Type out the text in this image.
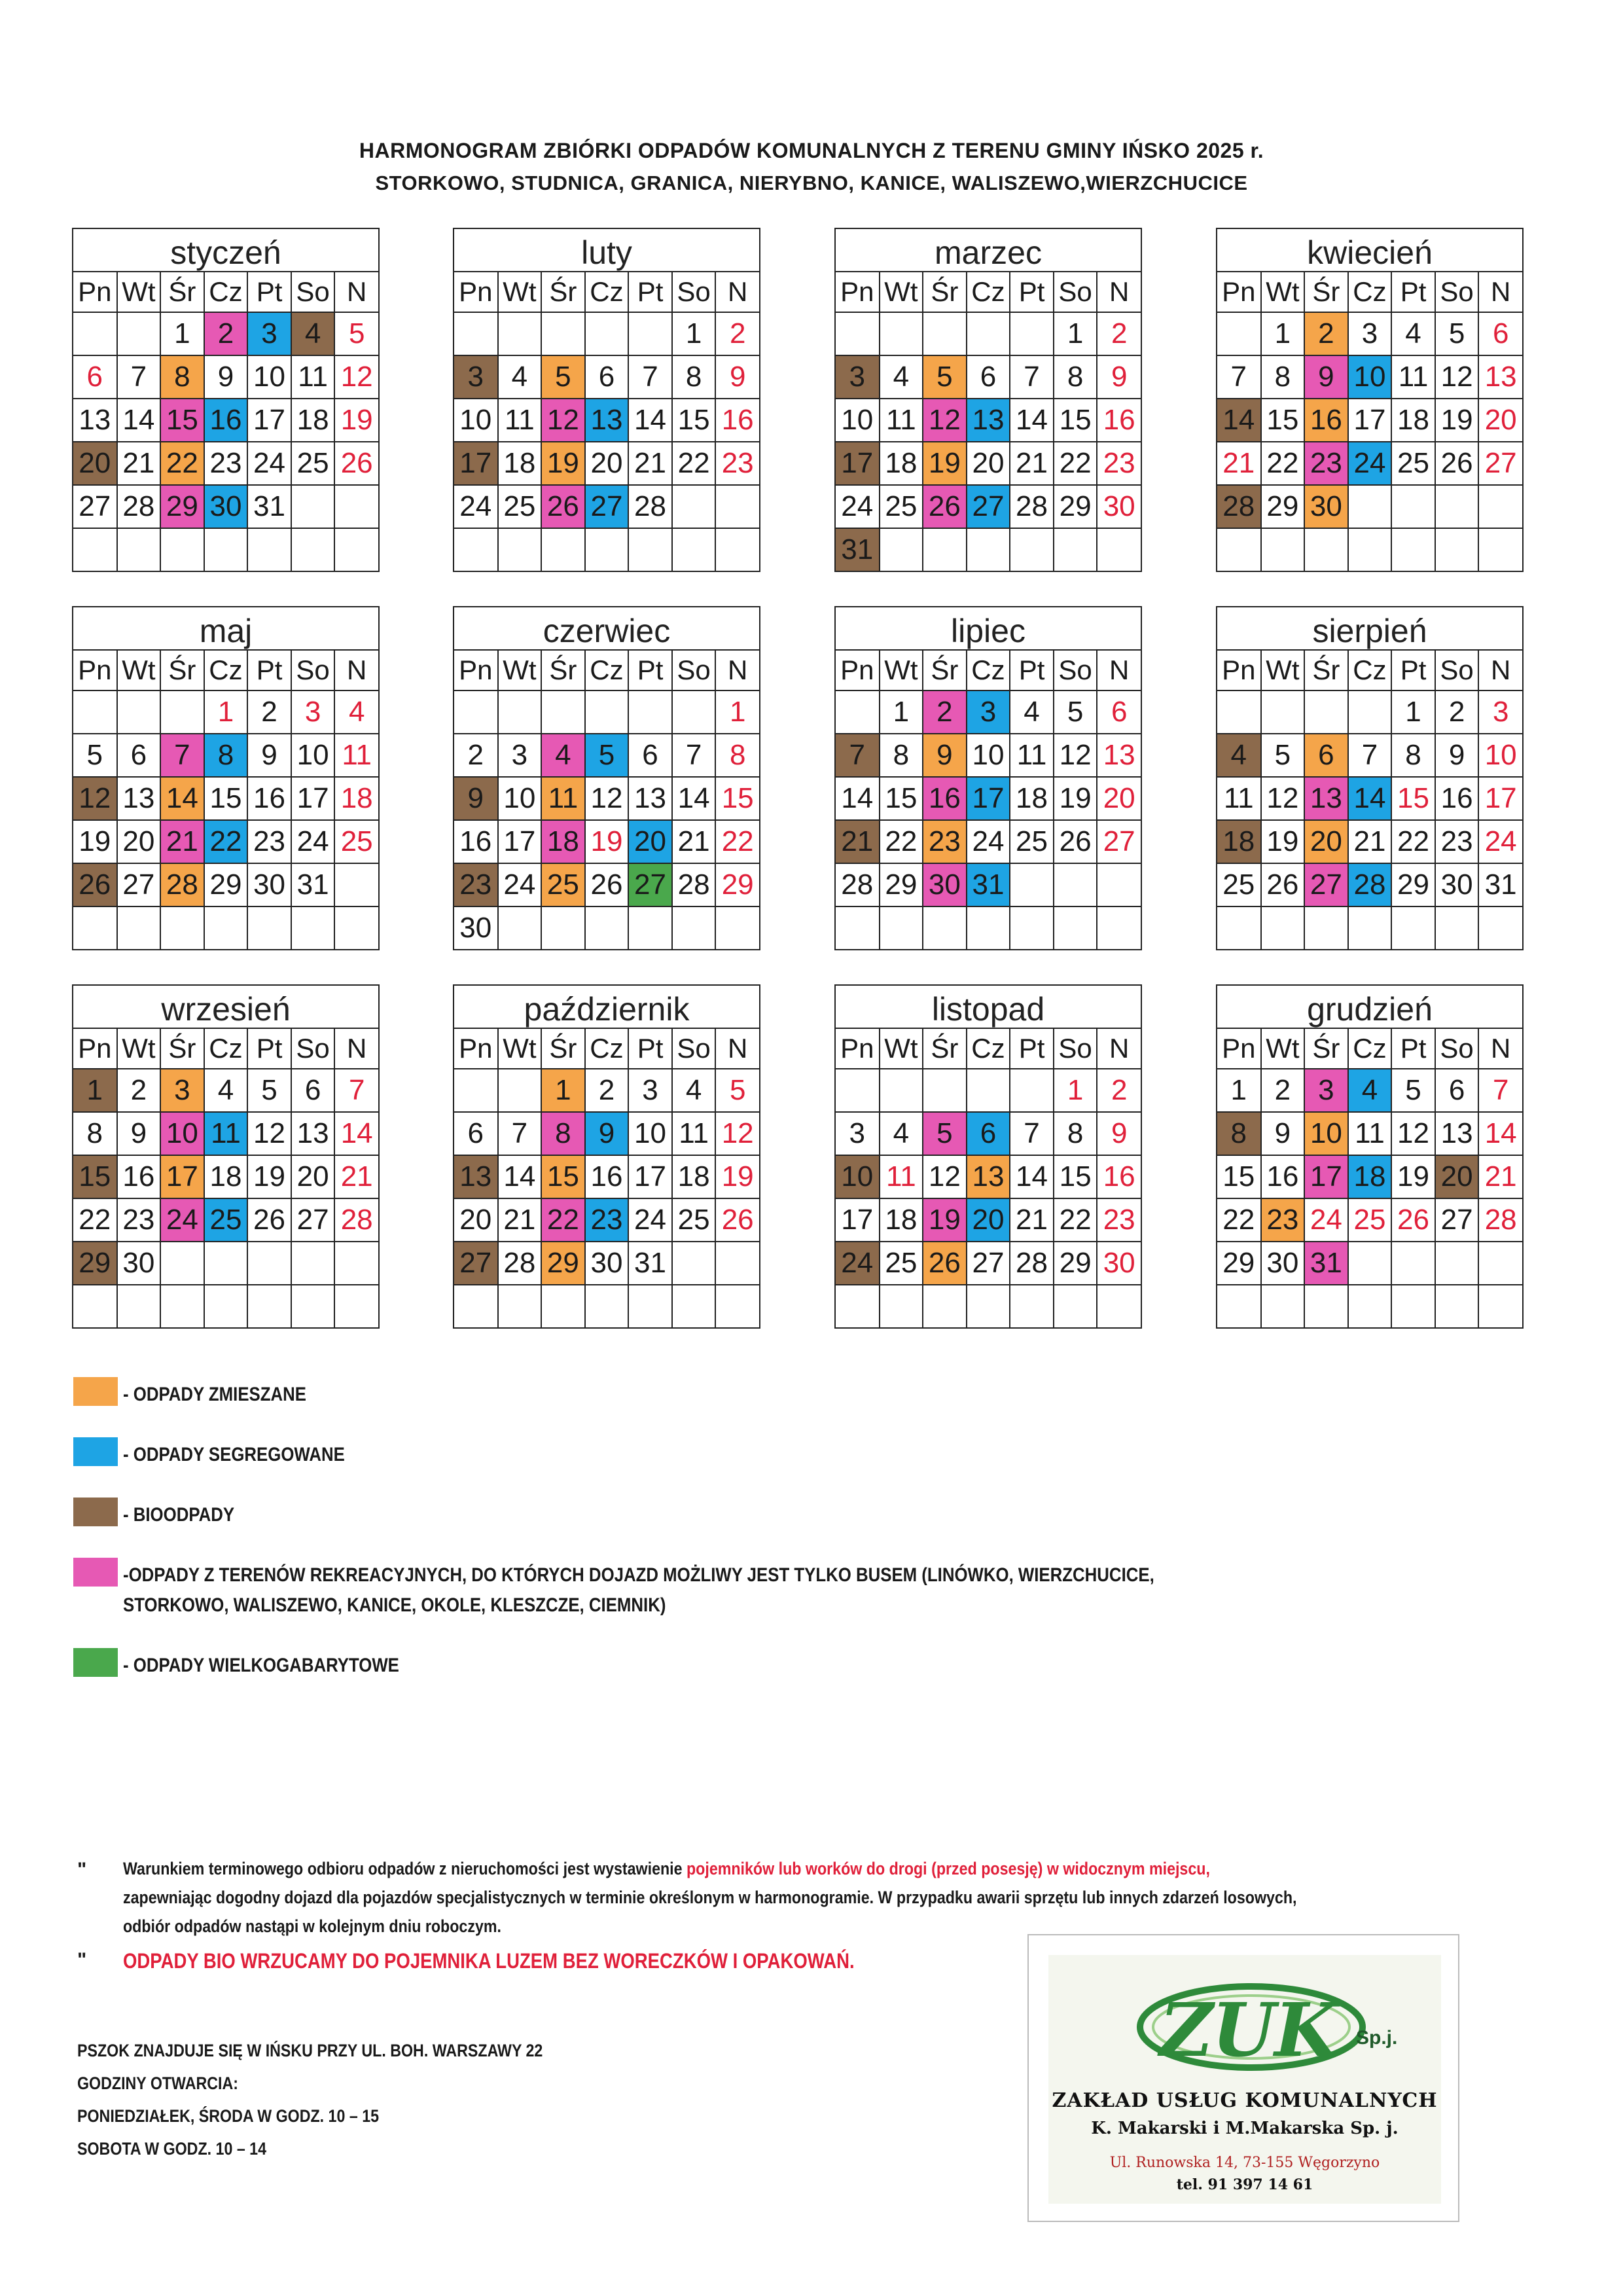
HARMONOGRAM ZBIÓRKI ODPADÓW KOMUNALNYCH Z TERENU GMINY IŃSKO 2025 r.
STORKOWO, STUDNICA, GRANICA, NIERYBNO, KANICE, WALISZEWO,WIERZCHUCICE
styczeń
Pn	Wt	Śr	Cz	Pt	So	N
		1	2	3	4	5
6	7	8	9	10	11	12
13	14	15	16	17	18	19
20	21	22	23	24	25	26
27	28	29	30	31		

luty
Pn	Wt	Śr	Cz	Pt	So	N
					1	2
3	4	5	6	7	8	9
10	11	12	13	14	15	16
17	18	19	20	21	22	23
24	25	26	27	28		

marzec
Pn	Wt	Śr	Cz	Pt	So	N
					1	2
3	4	5	6	7	8	9
10	11	12	13	14	15	16
17	18	19	20	21	22	23
24	25	26	27	28	29	30
31						
kwiecień
Pn	Wt	Śr	Cz	Pt	So	N
	1	2	3	4	5	6
7	8	9	10	11	12	13
14	15	16	17	18	19	20
21	22	23	24	25	26	27
28	29	30				

maj
Pn	Wt	Śr	Cz	Pt	So	N
			1	2	3	4
5	6	7	8	9	10	11
12	13	14	15	16	17	18
19	20	21	22	23	24	25
26	27	28	29	30	31	

czerwiec
Pn	Wt	Śr	Cz	Pt	So	N
						1
2	3	4	5	6	7	8
9	10	11	12	13	14	15
16	17	18	19	20	21	22
23	24	25	26	27	28	29
30						
lipiec
Pn	Wt	Śr	Cz	Pt	So	N
	1	2	3	4	5	6
7	8	9	10	11	12	13
14	15	16	17	18	19	20
21	22	23	24	25	26	27
28	29	30	31			

sierpień
Pn	Wt	Śr	Cz	Pt	So	N
				1	2	3
4	5	6	7	8	9	10
11	12	13	14	15	16	17
18	19	20	21	22	23	24
25	26	27	28	29	30	31

wrzesień
Pn	Wt	Śr	Cz	Pt	So	N
1	2	3	4	5	6	7
8	9	10	11	12	13	14
15	16	17	18	19	20	21
22	23	24	25	26	27	28
29	30					

październik
Pn	Wt	Śr	Cz	Pt	So	N
		1	2	3	4	5
6	7	8	9	10	11	12
13	14	15	16	17	18	19
20	21	22	23	24	25	26
27	28	29	30	31		

listopad
Pn	Wt	Śr	Cz	Pt	So	N
					1	2
3	4	5	6	7	8	9
10	11	12	13	14	15	16
17	18	19	20	21	22	23
24	25	26	27	28	29	30

grudzień
Pn	Wt	Śr	Cz	Pt	So	N
1	2	3	4	5	6	7
8	9	10	11	12	13	14
15	16	17	18	19	20	21
22	23	24	25	26	27	28
29	30	31				

- ODPADY ZMIESZANE
- ODPADY SEGREGOWANE
- BIOODPADY
-ODPADY Z TERENÓW REKREACYJNYCH, DO KTÓRYCH DOJAZD MOŻLIWY JEST TYLKO BUSEM (LINÓWKO, WIERZCHUCICE,
STORKOWO, WALISZEWO, KANICE, OKOLE, KLESZCZE, CIEMNIK)
- ODPADY WIELKOGABARYTOWE
" Warunkiem terminowego odbioru odpadów z nieruchomości jest wystawienie pojemników lub worków do drogi (przed posesję) w widocznym miejscu,
zapewniając dogodny dojazd dla pojazdów specjalistycznych w terminie określonym w harmonogramie. W przypadku awarii sprzętu lub innych zdarzeń losowych,
odbiór odpadów nastąpi w kolejnym dniu roboczym.
" ODPADY BIO WRZUCAMY DO POJEMNIKA LUZEM BEZ WORECZKÓW I OPAKOWAŃ.
PSZOK ZNAJDUJE SIĘ W IŃSKU PRZY UL. BOH. WARSZAWY 22
GODZINY OTWARCIA:
PONIEDZIAŁEK, ŚRODA W GODZ. 10 – 15
SOBOTA W GODZ. 10 – 14
ZUK Sp.j.
ZAKŁAD USŁUG KOMUNALNYCH
K. Makarski i M.Makarska Sp. j.
Ul. Runowska 14, 73-155 Węgorzyno
tel. 91 397 14 61
